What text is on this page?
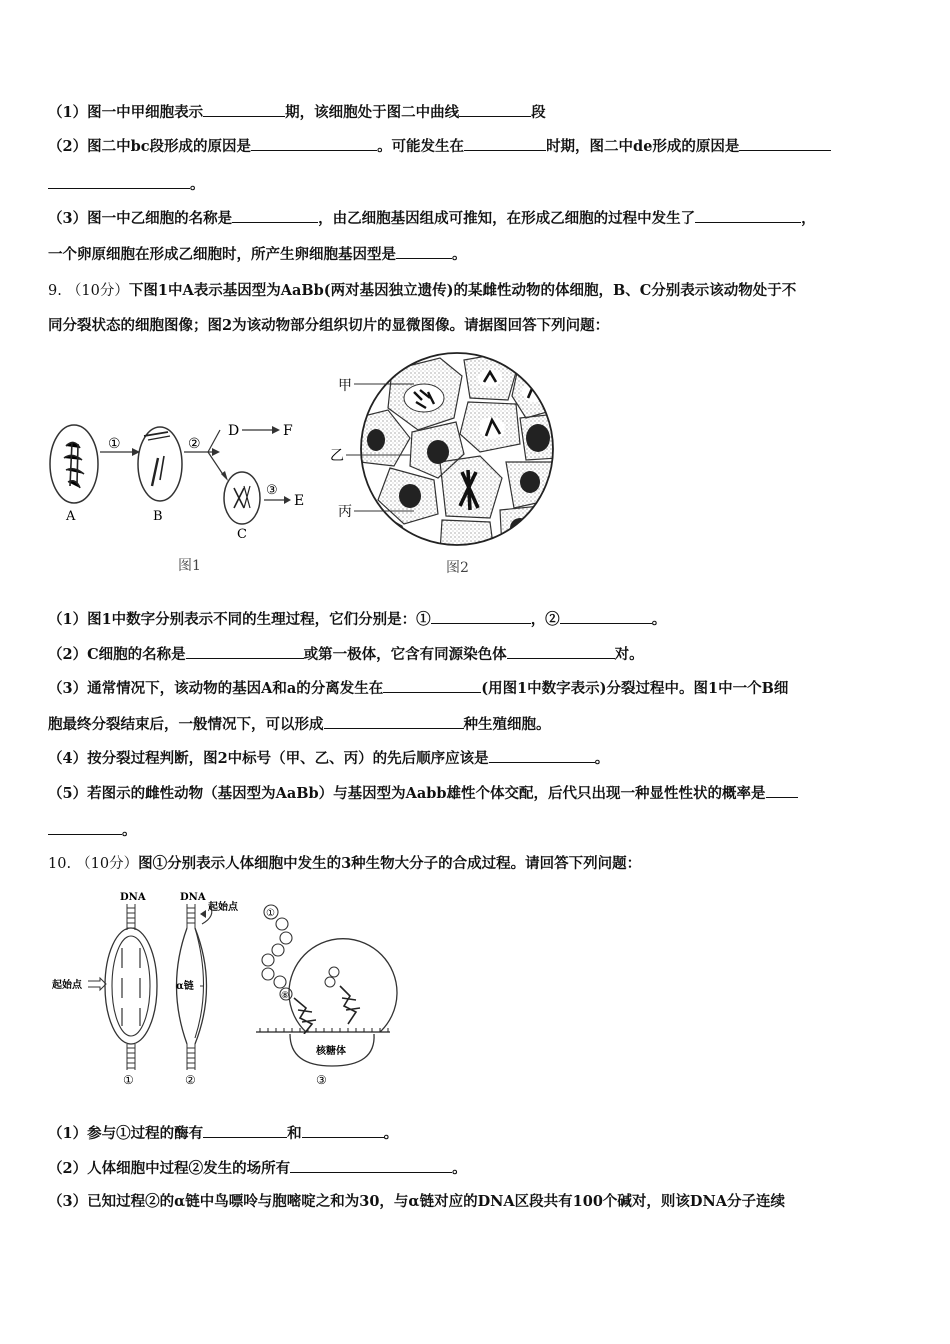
（1）图一中甲细胞表示	期，该细胞处于图二中曲线	段
（2）图二中bc段形成的原因是	。可能发生在	时期，图二中de形成的原因是
。
（3）图一中乙细胞的名称是	，由乙细胞基因组成可推知，在形成乙细胞的过程中发生了	，
一个卵原细胞在形成乙细胞时，所产生卵细胞基因型是	。
9. （10分）下图1中A表示基因型为AaBb(两对基因独立遗传)的某雌性动物的体细胞，B、C分别表示该动物处于不
同分裂状态的细胞图像；图2为该动物部分组织切片的显微图像。请据图回答下列问题：
A
①
B
②
D	F
C
③
E
图1
甲
乙
丙
图2
（1）图1中数字分别表示不同的生理过程，它们分别是：①	，②	。
（2）C细胞的名称是	或第一极体，它含有同源染色体	对。
（3）通常情况下，该动物的基因A和a的分离发生在	(用图1中数字表示)分裂过程中。图1中一个B细
胞最终分裂结束后，一般情况下，可以形成	种生殖细胞。
（4）按分裂过程判断，图2中标号（甲、乙、丙）的先后顺序应该是	。
（5）若图示的雌性动物（基因型为AaBb）与基因型为Aabb雄性个体交配，后代只出现一种显性性状的概率是
。
10. （10分）图①分别表示人体细胞中发生的3种生物大分子的合成过程。请回答下列问题：
DNA
起始点
①
DNA
起始点
α链
②
①
⑧
核糖体
③
（1）参与①过程的酶有	和	。
（2）人体细胞中过程②发生的场所有	。
（3）已知过程②的α链中鸟嘌呤与胞嘧啶之和为30，与α链对应的DNA区段共有100个碱对，则该DNA分子连续
